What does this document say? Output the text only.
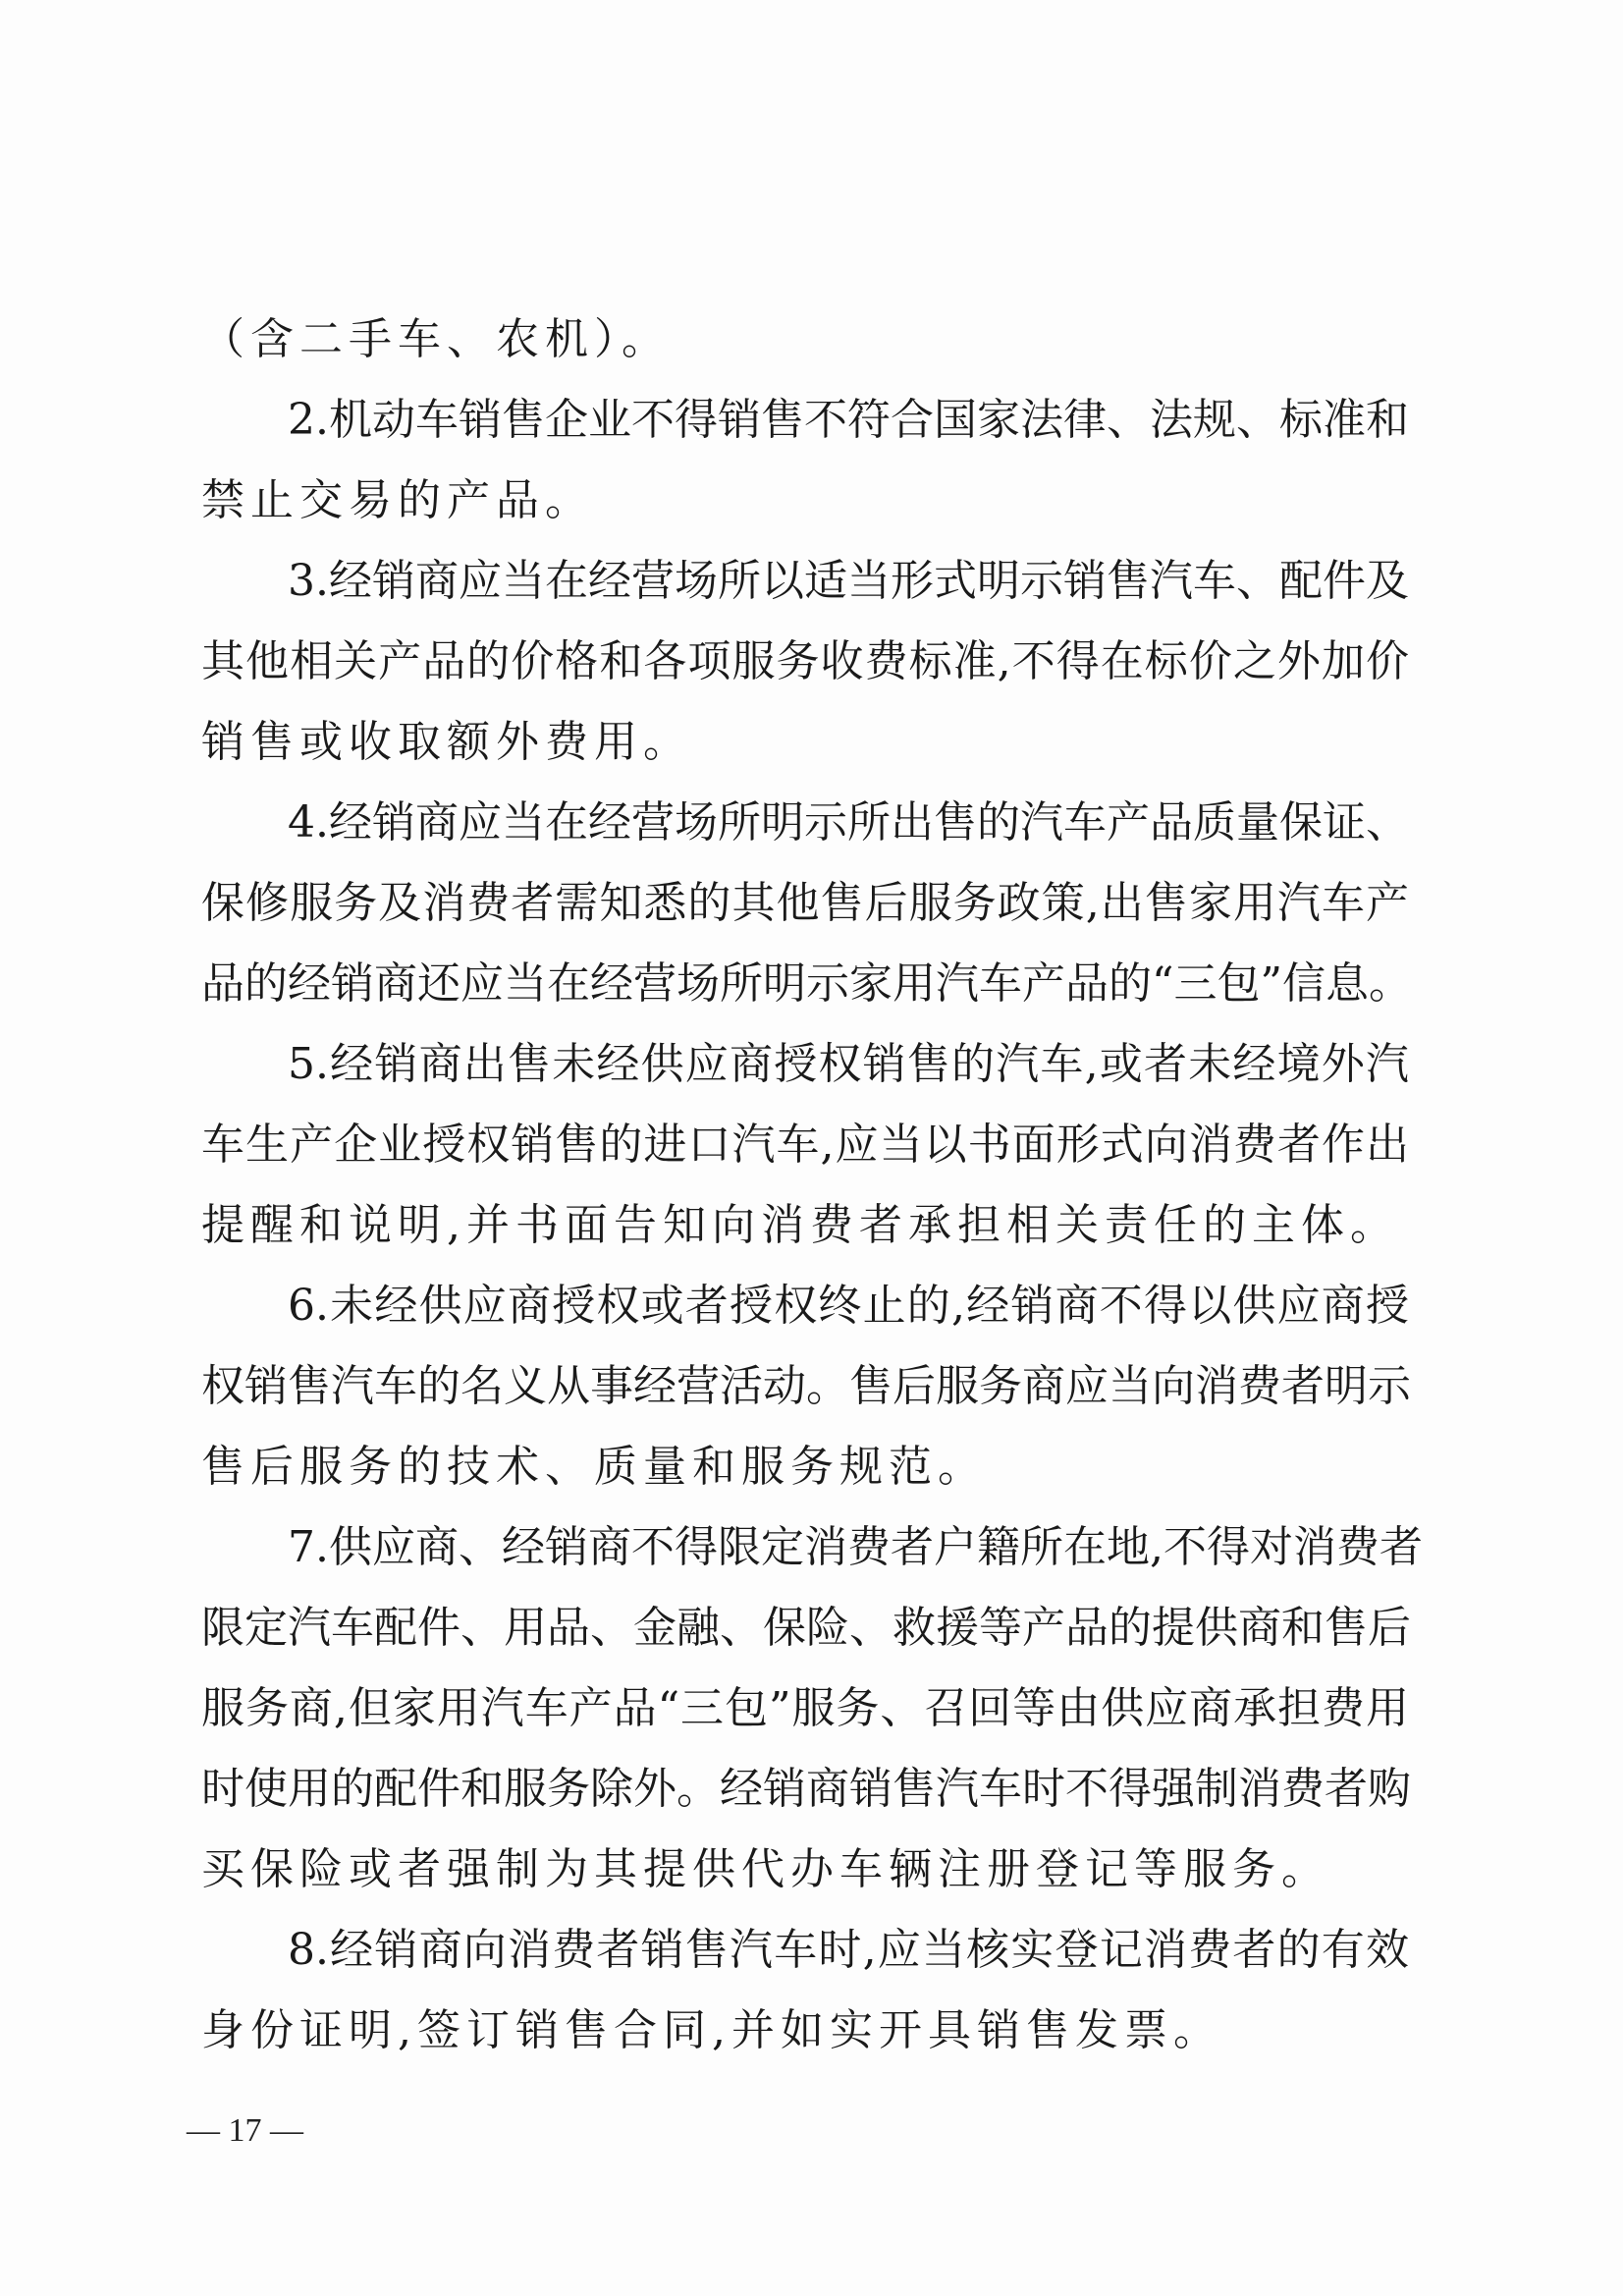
（含二手车、农机）。
2.机动车销售企业不得销售不符合国家法律、法规、标准和
禁止交易的产品。
3.经销商应当在经营场所以适当形式明示销售汽车、配件及
其他相关产品的价格和各项服务收费标准,不得在标价之外加价
销售或收取额外费用。
4.经销商应当在经营场所明示所出售的汽车产品质量保证、
保修服务及消费者需知悉的其他售后服务政策,出售家用汽车产
品的经销商还应当在经营场所明示家用汽车产品的“三包”信息。
5.经销商出售未经供应商授权销售的汽车,或者未经境外汽
车生产企业授权销售的进口汽车,应当以书面形式向消费者作出
提醒和说明,并书面告知向消费者承担相关责任的主体。
6.未经供应商授权或者授权终止的,经销商不得以供应商授
权销售汽车的名义从事经营活动。售后服务商应当向消费者明示
售后服务的技术、质量和服务规范。
7.供应商、经销商不得限定消费者户籍所在地,不得对消费者
限定汽车配件、用品、金融、保险、救援等产品的提供商和售后
服务商,但家用汽车产品“三包”服务、召回等由供应商承担费用
时使用的配件和服务除外。经销商销售汽车时不得强制消费者购
买保险或者强制为其提供代办车辆注册登记等服务。
8.经销商向消费者销售汽车时,应当核实登记消费者的有效
身份证明,签订销售合同,并如实开具销售发票。
— 17 —
